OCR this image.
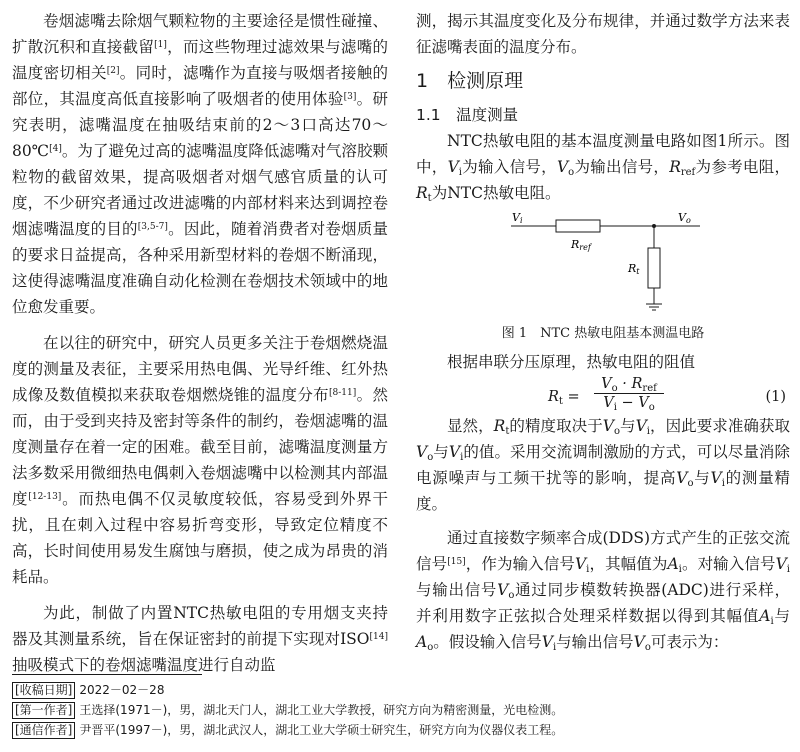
卷烟滤嘴去除烟气颗粒物的主要途径是惯性碰撞、扩散沉积和直接截留[1]，而这些物理过滤效果与滤嘴的温度密切相关[2]。同时，滤嘴作为直接与吸烟者接触的部位，其温度高低直接影响了吸烟者的使用体验[3]。研究表明，滤嘴温度在抽吸结束前的2～3口高达70～80℃[4]。为了避免过高的滤嘴温度降低滤嘴对气溶胶颗粒物的截留效果，提高吸烟者对烟气感官质量的认可度，不少研究者通过改进滤嘴的内部材料来达到调控卷烟滤嘴温度的目的[3,5-7]。因此，随着消费者对卷烟质量的要求日益提高，各种采用新型材料的卷烟不断涌现，这使得滤嘴温度准确自动化检测在卷烟技术领域中的地位愈发重要。

在以往的研究中，研究人员更多关注于卷烟燃烧温度的测量及表征，主要采用热电偶、光导纤维、红外热成像及数值模拟来获取卷烟燃烧锥的温度分布[8-11]。然而，由于受到夹持及密封等条件的制约，卷烟滤嘴的温度测量存在着一定的困难。截至目前，滤嘴温度测量方法多数采用微细热电偶刺入卷烟滤嘴中以检测其内部温度[12-13]。而热电偶不仅灵敏度较低，容易受到外界干扰，且在刺入过程中容易折弯变形，导致定位精度不高，长时间使用易发生腐蚀与磨损，使之成为昂贵的消耗品。

为此，制做了内置NTC热敏电阻的专用烟支夹持器及其测量系统，旨在保证密封的前提下实现对ISO[14]抽吸模式下的卷烟滤嘴温度进行自动监

测，揭示其温度变化及分布规律，并通过数学方法来表征滤嘴表面的温度分布。

1　检测原理
1.1　温度测量

NTC热敏电阻的基本温度测量电路如图1所示。图中，$V_i$为输入信号，$V_o$为输出信号，$R_{ref}$为参考电阻，$R_t$为NTC热敏电阻。

Vi	Vo
Rref
Rt

图 1　NTC 热敏电阻基本测温电路

根据串联分压原理，热敏电阻的阻值

$R_t$ =
$V_o \cdot R_{ref}$
$V_i - V_o$
(1)

显然，$R_t$的精度取决于$V_o$与$V_i$，因此要求准确获取$V_o$与$V_i$的值。采用交流调制激励的方式，可以尽量消除电源噪声与工频干扰等的影响，提高$V_o$与$V_i$的测量精度。

通过直接数字频率合成(DDS)方式产生的正弦交流信号[15]，作为输入信号$V_i$，其幅值为$A_i$。对输入信号$V_i$与输出信号$V_o$通过同步模数转换器(ADC)进行采样，并利用数字正弦拟合处理采样数据以得到其幅值$A_i$与$A_o$。假设输入信号$V_i$与输出信号$V_o$可表示为：

[收稿日期] 2022－02－28
[第一作者] 王选择(1971－)，男，湖北天门人，湖北工业大学教授，研究方向为精密测量，光电检测。
[通信作者] 尹晋平(1997－)，男，湖北武汉人，湖北工业大学硕士研究生，研究方向为仪器仪表工程。
